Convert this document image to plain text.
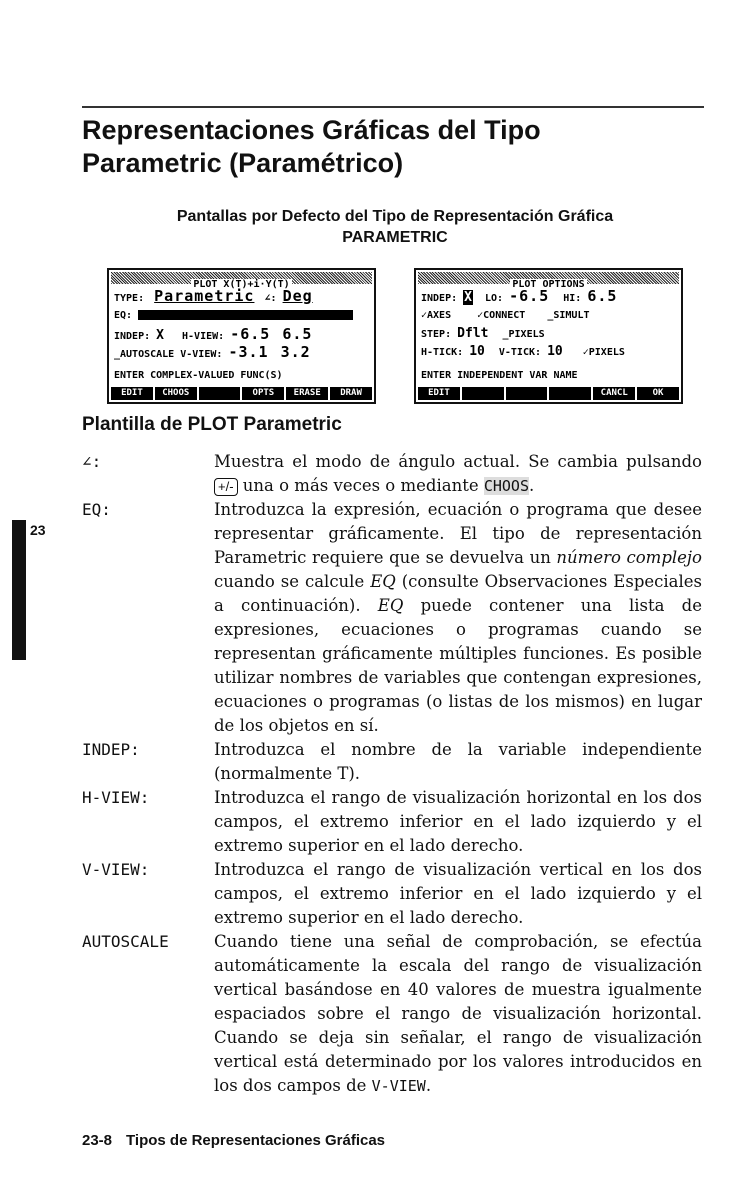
Representaciones Gráficas del Tipo
Parametric (Paramétrico)
Pantallas por Defecto del Tipo de Representación Gráfica
PARAMETRIC
PLOT X(T)+i·Y(T)
TYPE: Parametric ∠: Deg
EQ:
INDEP: X H-VIEW: -6.5 6.5
_AUTOSCALE V-VIEW: -3.1 3.2
ENTER COMPLEX-VALUED FUNC(S)
EDIT	CHOOS	OPTS	ERASE	DRAW
PLOT OPTIONS
INDEP: X LO: -6.5 HI: 6.5
✓AXES	✓CONNECT _SIMULT
STEP: Dflt _PIXELS
H-TICK: 10 V-TICK: 10 ✓PIXELS
ENTER INDEPENDENT VAR NAME
EDIT	CANCL	OK
Plantilla de PLOT Parametric
23
∠:	Muestra el modo de ángulo actual. Se cambia pulsando +/- una o más veces o mediante CHOOS.
EQ:	Introduzca la expresión, ecuación o programa que desee representar gráficamente. El tipo de representación Parametric requiere que se devuelva un número complejo cuando se calcule EQ (consulte Observaciones Especiales a continuación). EQ puede contener una lista de expresiones, ecuaciones o programas cuando se representan gráficamente múltiples funciones. Es posible utilizar nombres de variables que contengan expresiones, ecuaciones o programas (o listas de los mismos) en lugar de los objetos en sí.
INDEP:	Introduzca el nombre de la variable independiente (normalmente T).
H-VIEW:	Introduzca el rango de visualización horizontal en los dos campos, el extremo inferior en el lado izquierdo y el extremo superior en el lado derecho.
V-VIEW:	Introduzca el rango de visualización vertical en los dos campos, el extremo inferior en el lado izquierdo y el extremo superior en el lado derecho.
AUTOSCALE	Cuando tiene una señal de comprobación, se efectúa automáticamente la escala del rango de visualización vertical basándose en 40 valores de muestra igualmente espaciados sobre el rango de visualización horizontal. Cuando se deja sin señalar, el rango de visualización vertical está determinado por los valores introducidos en los dos campos de V-VIEW.
23-8 Tipos de Representaciones Gráficas
